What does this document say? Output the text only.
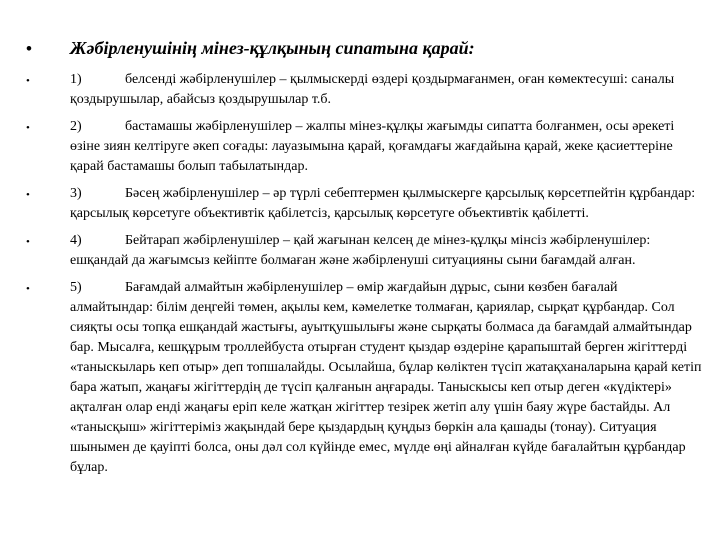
•	Жәбірленушінің мінез-құлқының сипатына қарай:
•	1)	белсенді жәбірленушілер – қылмыскерді өздері қоздырмағанмен, оған көмектесуші: саналы қоздырушылар, абайсыз қоздырушылар т.б.
•	2)	бастамашы жәбірленушілер – жалпы мінез-құлқы жағымды сипатта болғанмен, осы әрекеті өзіне зиян келтіруге әкеп соғады: лауазымына қарай, қоғамдағы жағдайына қарай, жеке қасиеттеріне қарай бастамашы болып табылатындар.
•	3)	Бәсең жәбірленушілер – әр түрлі себептермен қылмыскерге қарсылық көрсетпейтін құрбандар: қарсылық көрсетуге объективтік қабілетсіз, қарсылық көрсетуге объективтік қабілетті.
•	4)	Бейтарап жәбірленушілер – қай жағынан келсең де мінез-құлқы мінсіз жәбірленушілер: ешқандай да жағымсыз кейіпте болмаған және жәбірленуші ситуацияны сыни бағамдай алған.
•	5)	Бағамдай алмайтын жәбірленушілер – өмір жағдайын дұрыс, сыни көзбен бағалай алмайтындар: білім деңгейі төмен, ақылы кем, кәмелетке толмаған, қариялар, сырқат құрбандар. Сол сияқты осы топқа ешқандай жастығы, ауытқушылығы және сырқаты болмаса да бағамдай алмайтындар бар. Мысалға, кешқұрым троллейбуста отырған студент қыздар өздеріне қарапыштай берген жігіттерді «таныскыларь кеп отыр» деп топшалайды. Осылайша, бұлар көліктен түсіп жатақханаларына қарай кетіп бара жатып, жаңағы жігіттердің де түсіп қалғанын аңғарады. Таныскысы кеп отыр деген «күдіктері» ақталған олар енді жаңағы еріп келе жатқан жігіттер тезірек жетіп алу үшін баяу жүре бастайды. Ал «танысқыш» жігіттеріміз жақындай бере қыздардың қуңдыз бөркін ала қашады (тонау). Ситуация шынымен де қауіпті болса, оны дәл сол күйінде емес, мүлде өңі айналған күйде бағалайтын құрбандар бұлар.
